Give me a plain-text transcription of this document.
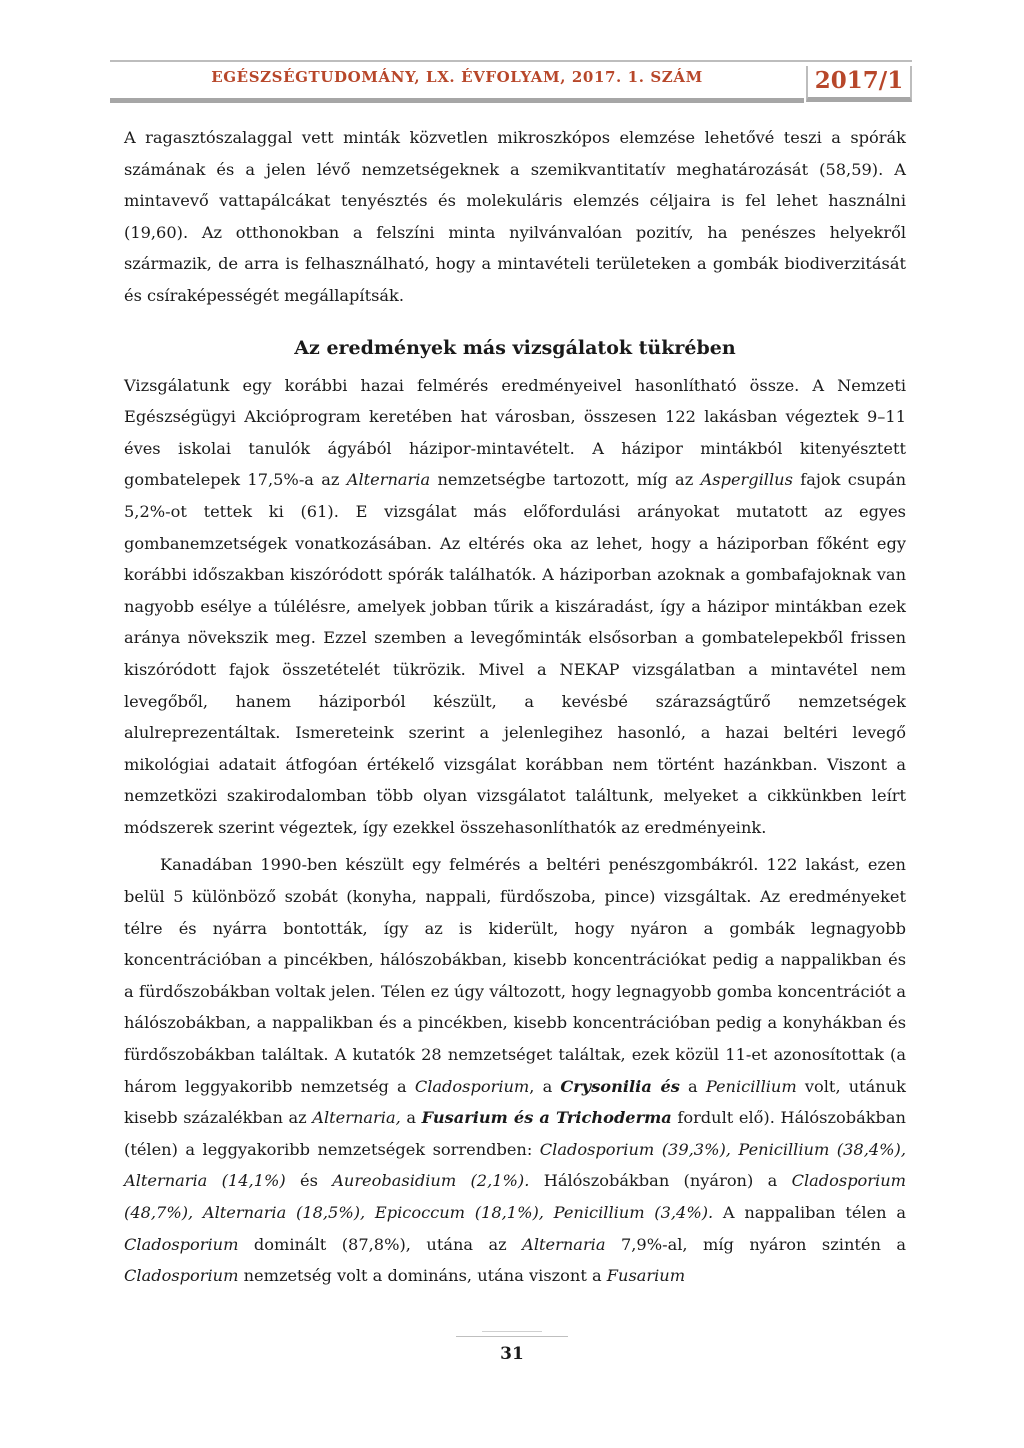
EGÉSZSÉGTUDOMÁNY, LX. ÉVFOLYAM, 2017. 1. SZÁM	2017/1

A ragasztószalaggal vett minták közvetlen mikroszkópos elemzése lehetővé teszi a spórák számának és a jelen lévő nemzetségeknek a szemikvantitatív meghatározását (58,59). A mintavevő vattapálcákat tenyésztés és molekuláris elemzés céljaira is fel lehet használni (19,60). Az otthonokban a felszíni minta nyilvánvalóan pozitív, ha penészes helyekről származik, de arra is felhasználható, hogy a mintavételi területeken a gombák biodiverzitását és csíraképességét megállapítsák.

Az eredmények más vizsgálatok tükrében

Vizsgálatunk egy korábbi hazai felmérés eredményeivel hasonlítható össze. A Nemzeti Egészségügyi Akcióprogram keretében hat városban, összesen 122 lakásban végeztek 9–11 éves iskolai tanulók ágyából házipor-mintavételt. A házipor mintákból kitenyésztett gombatelepek 17,5%-a az Alternaria nemzetségbe tartozott, míg az Aspergillus fajok csupán 5,2%-ot tettek ki (61). E vizsgálat más előfordulási arányokat mutatott az egyes gombanemzetségek vonatkozásában. Az eltérés oka az lehet, hogy a háziporban főként egy korábbi időszakban kiszóródott spórák találhatók. A háziporban azoknak a gombafajoknak van nagyobb esélye a túlélésre, amelyek jobban tűrik a kiszáradást, így a házipor mintákban ezek aránya növekszik meg. Ezzel szemben a levegőminták elsősorban a gombatelepekből frissen kiszóródott fajok összetételét tükrözik. Mivel a NEKAP vizsgálatban a mintavétel nem levegőből, hanem háziporból készült, a kevésbé szárazságtűrő nemzetségek alulreprezentáltak. Ismereteink szerint a jelenlegihez hasonló, a hazai beltéri levegő mikológiai adatait átfogóan értékelő vizsgálat korábban nem történt hazánkban. Viszont a nemzetközi szakirodalomban több olyan vizsgálatot találtunk, melyeket a cikkünkben leírt módszerek szerint végeztek, így ezekkel összehasonlíthatók az eredményeink.

Kanadában 1990-ben készült egy felmérés a beltéri penészgombákról. 122 lakást, ezen belül 5 különböző szobát (konyha, nappali, fürdőszoba, pince) vizsgáltak. Az eredményeket télre és nyárra bontották, így az is kiderült, hogy nyáron a gombák legnagyobb koncentrációban a pincékben, hálószobákban, kisebb koncentrációkat pedig a nappalikban és a fürdőszobákban voltak jelen. Télen ez úgy változott, hogy legnagyobb gomba koncentrációt a hálószobákban, a nappalikban és a pincékben, kisebb koncentrációban pedig a konyhákban és fürdőszobákban találtak. A kutatók 28 nemzetséget találtak, ezek közül 11-et azonosítottak (a három leggyakoribb nemzetség a Cladosporium, a Crysonilia és a Penicillium volt, utánuk kisebb százalékban az Alternaria, a Fusarium és a Trichoderma fordult elő). Hálószobákban (télen) a leggyakoribb nemzetségek sorrendben: Cladosporium (39,3%), Penicillium (38,4%), Alternaria (14,1%) és Aureobasidium (2,1%). Hálószobákban (nyáron) a Cladosporium (48,7%), Alternaria (18,5%), Epicoccum (18,1%), Penicillium (3,4%). A nappaliban télen a Cladosporium dominált (87,8%), utána az Alternaria 7,9%-al, míg nyáron szintén a Cladosporium nemzetség volt a domináns, utána viszont a Fusarium

31
